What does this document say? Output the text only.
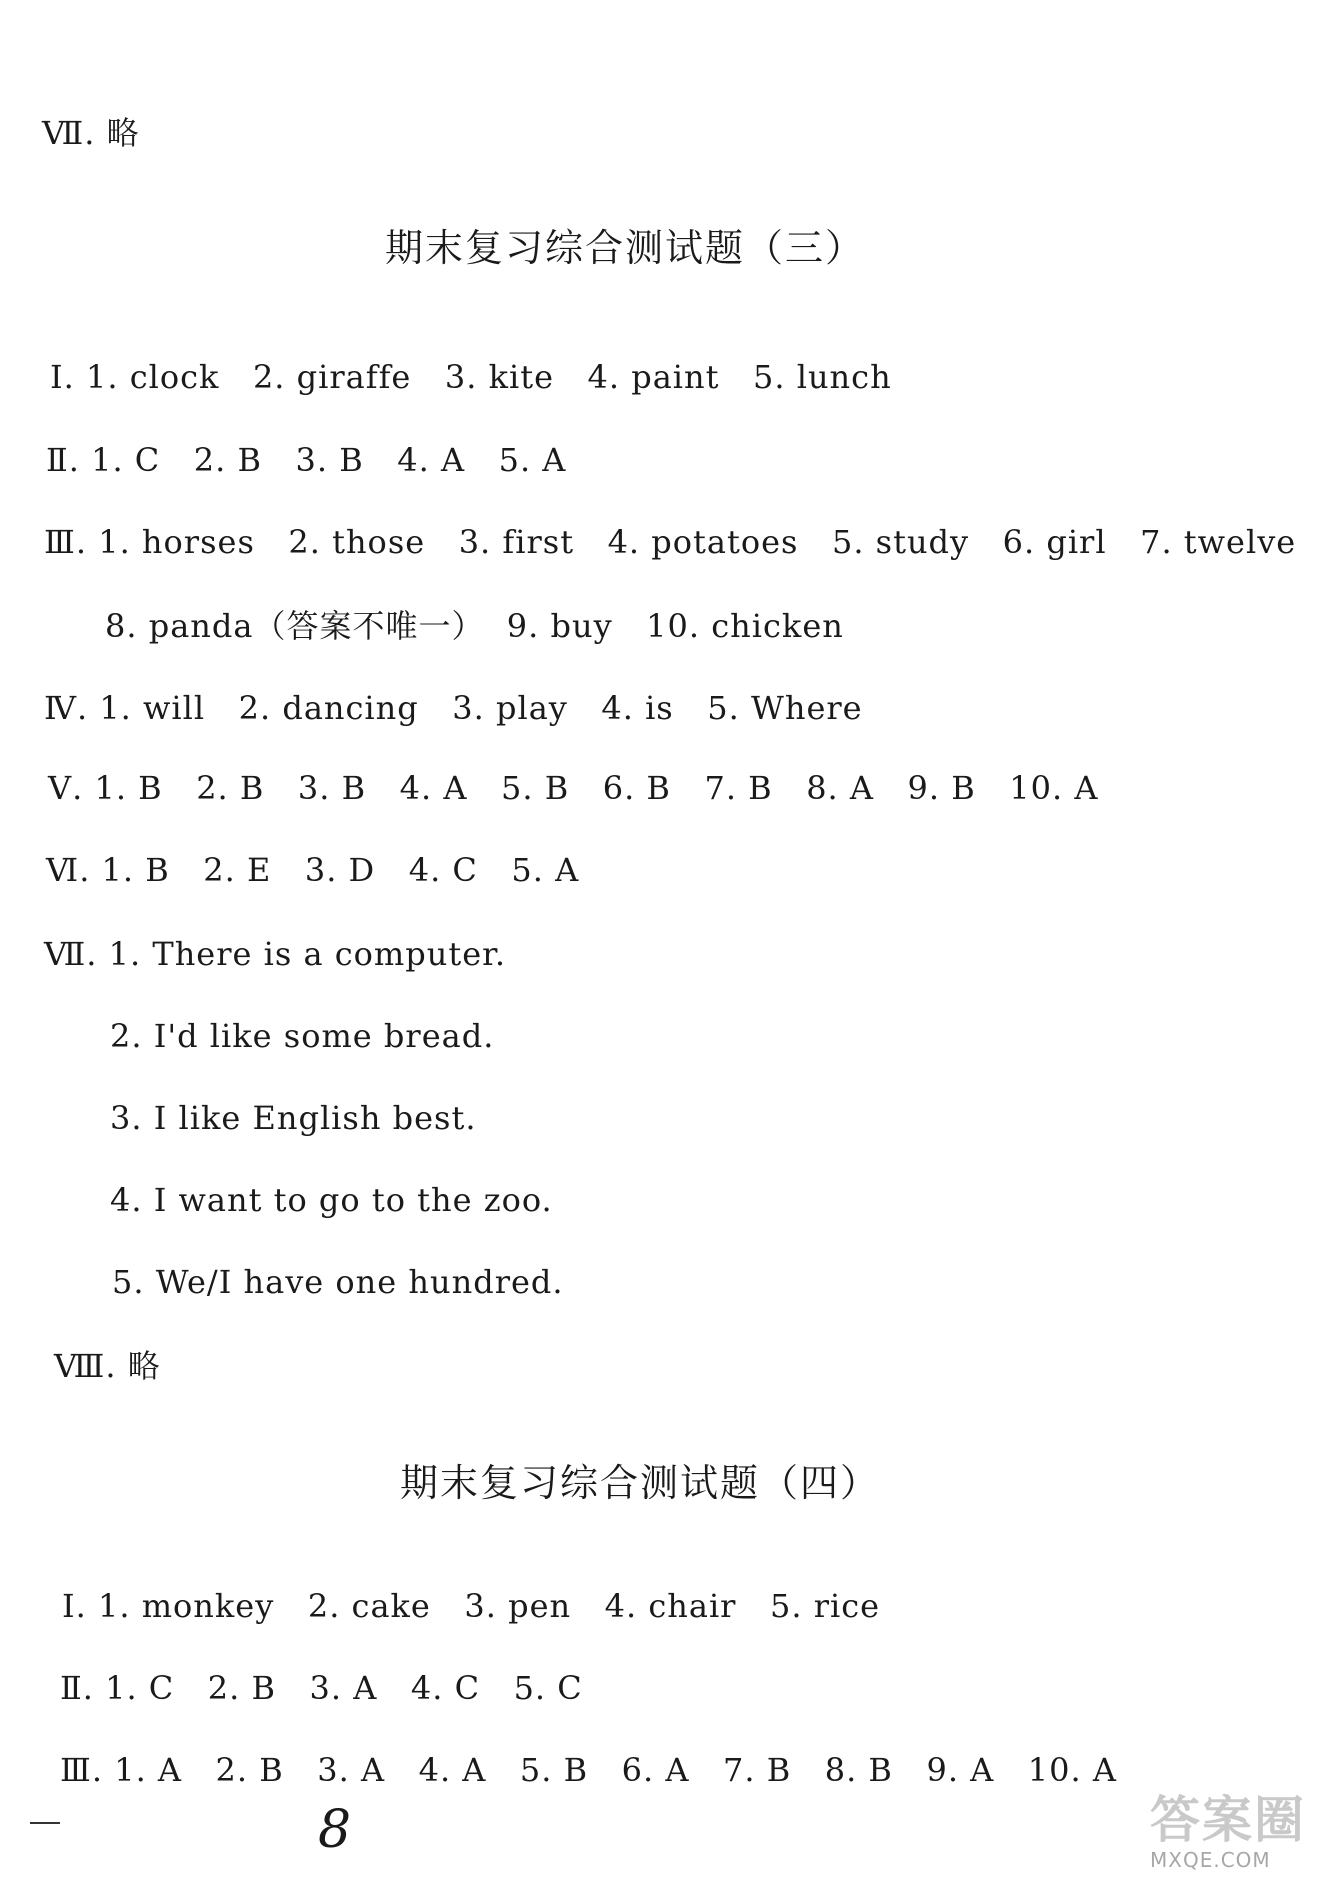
Ⅶ. 略
期末复习综合测试题（三）
Ⅰ. 1. clock   2. giraffe   3. kite   4. paint   5. lunch
Ⅱ. 1. C   2. B   3. B   4. A   5. A
Ⅲ. 1. horses   2. those   3. first   4. potatoes   5. study   6. girl   7. twelve
8. panda（答案不唯一）  9. buy   10. chicken
Ⅳ. 1. will   2. dancing   3. play   4. is   5. Where
Ⅴ. 1. B   2. B   3. B   4. A   5. B   6. B   7. B   8. A   9. B   10. A
Ⅵ. 1. B   2. E   3. D   4. C   5. A
Ⅶ. 1. There is a computer.
2. I'd like some bread.
3. I like English best.
4. I want to go to the zoo.
5. We/I have one hundred.
Ⅷ. 略
期末复习综合测试题（四）
Ⅰ. 1. monkey   2. cake   3. pen   4. chair   5. rice
Ⅱ. 1. C   2. B   3. A   4. C   5. C
Ⅲ. 1. A   2. B   3. A   4. A   5. B   6. A   7. B   8. B   9. A   10. A
8	答案圈
MXQE.COM
